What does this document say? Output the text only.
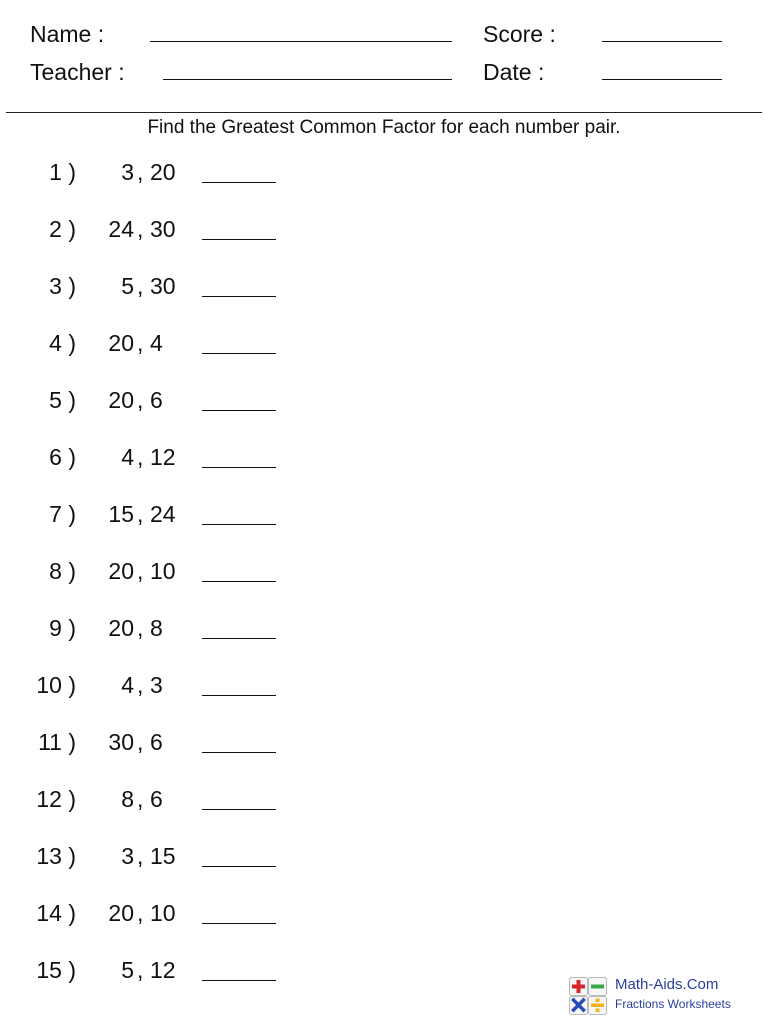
Name :
Teacher :
Score :
Date :
Find the Greatest Common Factor for each number pair.
1 ) 3 , 20
2 ) 24 , 30
3 ) 5 , 30
4 ) 20 , 4
5 ) 20 , 6
6 ) 4 , 12
7 ) 15 , 24
8 ) 20 , 10
9 ) 20 , 8
10 ) 4 , 3
11 ) 30 , 6
12 ) 8 , 6
13 ) 3 , 15
14 ) 20 , 10
15 ) 5 , 12
Math-Aids.Com
Fractions Worksheets
